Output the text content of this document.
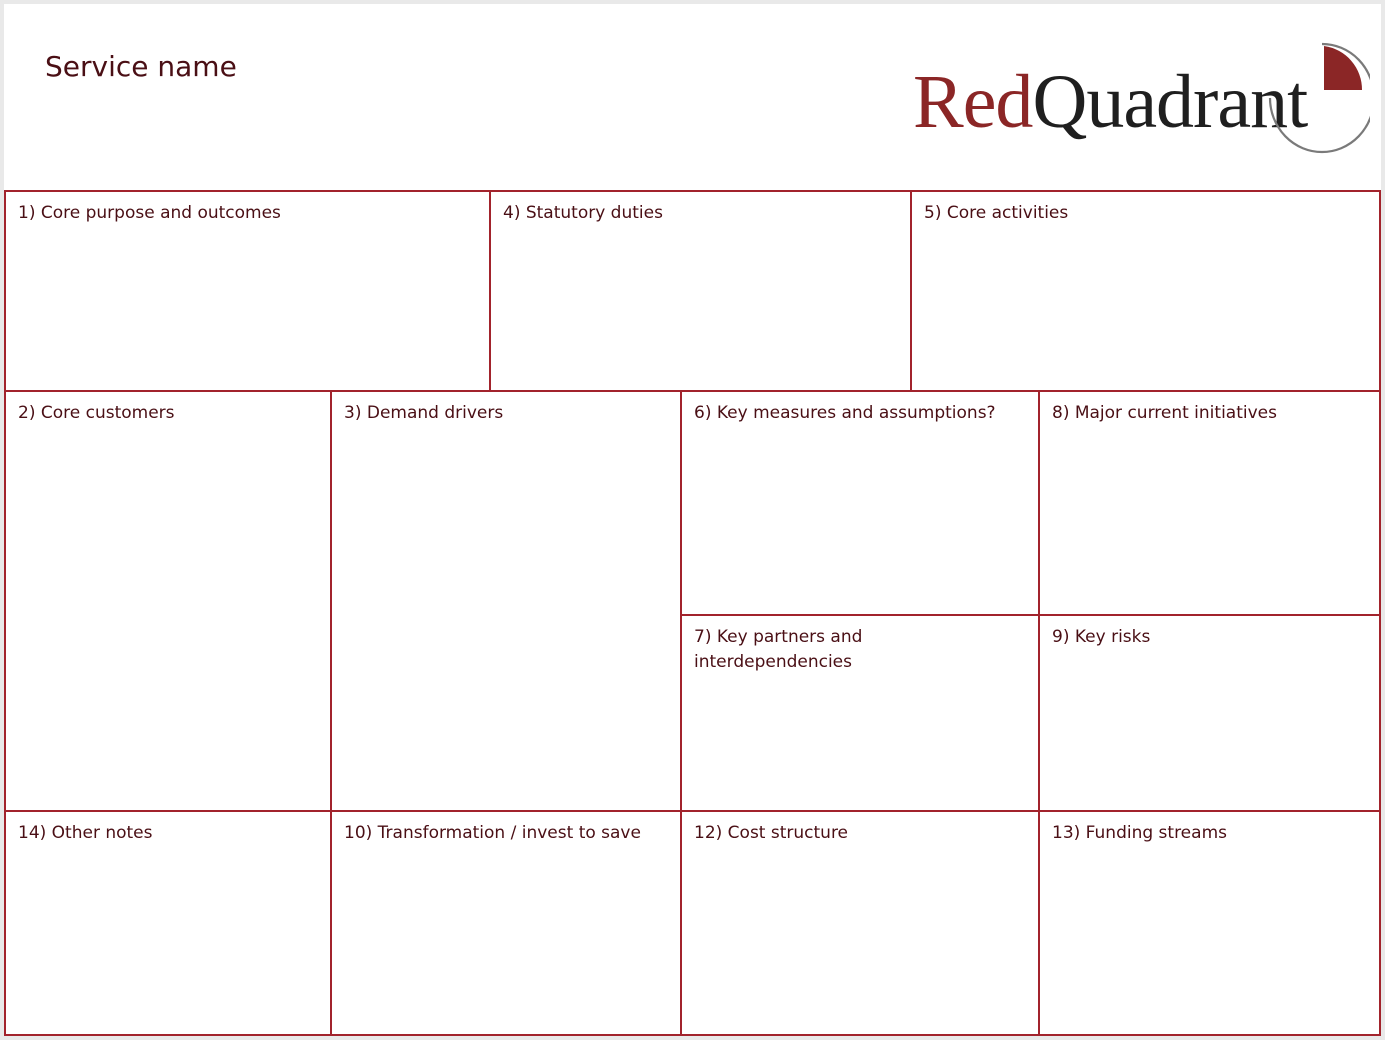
Service name	RedQuadrant
1) Core purpose and outcomes	4) Statutory duties	5) Core activities
2) Core customers	3) Demand drivers	6) Key measures and assumptions?	8) Major current initiatives
7) Key partners and interdependencies
9) Key risks
14) Other notes	10) Transformation / invest to save	12) Cost structure	13) Funding streams
